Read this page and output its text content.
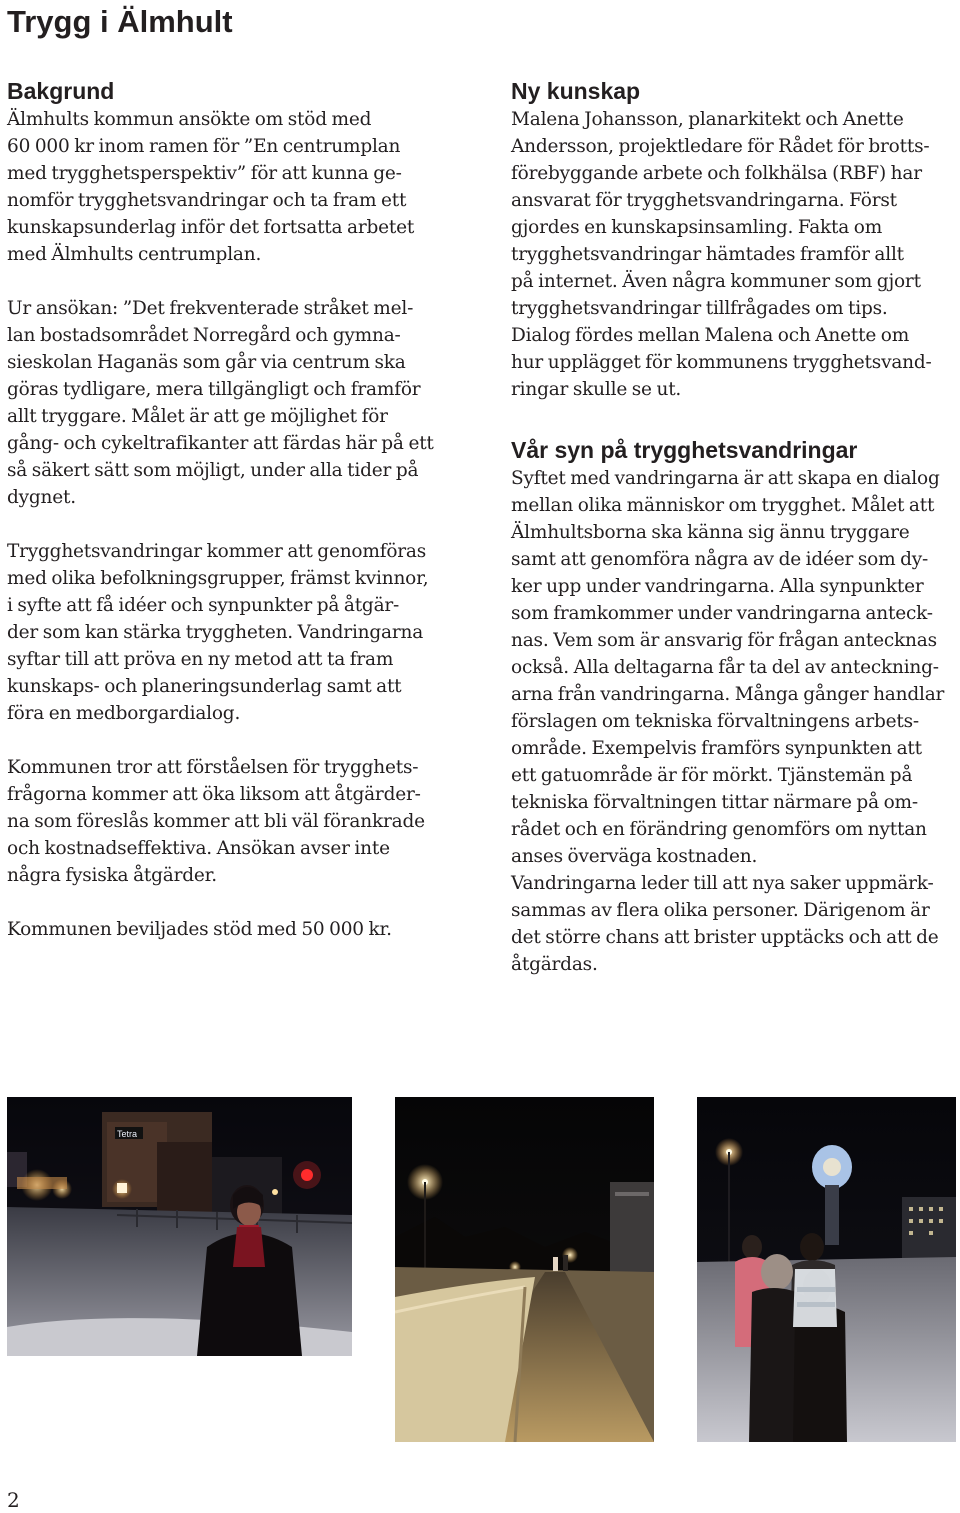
Trygg i Älmhult
Bakgrund

Älmhults kommun ansökte om stöd med
60 000 kr inom ramen för ”En centrumplan
med trygghetsperspektiv” för att kunna ge-
nomför trygghetsvandringar och ta fram ett
kunskapsunderlag inför det fortsatta arbetet
med Älmhults centrumplan.

Ur ansökan: ”Det frekventerade stråket mel-
lan bostadsområdet Norregård och gymna-
sieskolan Haganäs som går via centrum ska
göras tydligare, mera tillgängligt och framför
allt tryggare. Målet är att ge möjlighet för
gång- och cykeltrafikanter att färdas här på ett
så säkert sätt som möjligt, under alla tider på
dygnet.

Trygghetsvandringar kommer att genomföras
med olika befolkningsgrupper, främst kvinnor,
i syfte att få idéer och synpunkter på åtgär-
der som kan stärka tryggheten. Vandringarna
syftar till att pröva en ny metod att ta fram
kunskaps- och planeringsunderlag samt att
föra en medborgardialog.

Kommunen tror att förståelsen för trygghets-
frågorna kommer att öka liksom att åtgärder-
na som föreslås kommer att bli väl förankrade
och kostnadseffektiva. Ansökan avser inte
några fysiska åtgärder.

Kommunen beviljades stöd med 50 000 kr.

Ny kunskap

Malena Johansson, planarkitekt och Anette
Andersson, projektledare för Rådet för brotts-
förebyggande arbete och folkhälsa (RBF) har
ansvarat för trygghetsvandringarna. Först
gjordes en kunskapsinsamling. Fakta om
trygghetsvandringar hämtades framför allt
på internet. Även några kommuner som gjort
trygghetsvandringar tillfrågades om tips.
Dialog fördes mellan Malena och Anette om
hur upplägget för kommunens trygghetsvand-
ringar skulle se ut.

Vår syn på trygghetsvandringar

Syftet med vandringarna är att skapa en dialog
mellan olika människor om trygghet. Målet att
Älmhultsborna ska känna sig ännu tryggare
samt att genomföra några av de idéer som dy-
ker upp under vandringarna. Alla synpunkter
som framkommer under vandringarna anteck-
nas. Vem som är ansvarig för frågan antecknas
också. Alla deltagarna får ta del av anteckning-
arna från vandringarna. Många gånger handlar
förslagen om tekniska förvaltningens arbets-
område. Exempelvis framförs synpunkten att
ett gatuområde är för mörkt. Tjänstemän på
tekniska förvaltningen tittar närmare på om-
rådet och en förändring genomförs om nyttan
anses överväga kostnaden.
Vandringarna leder till att nya saker uppmärk-
sammas av flera olika personer. Därigenom är
det större chans att brister upptäcks och att de
åtgärdas.

Tetra
2
